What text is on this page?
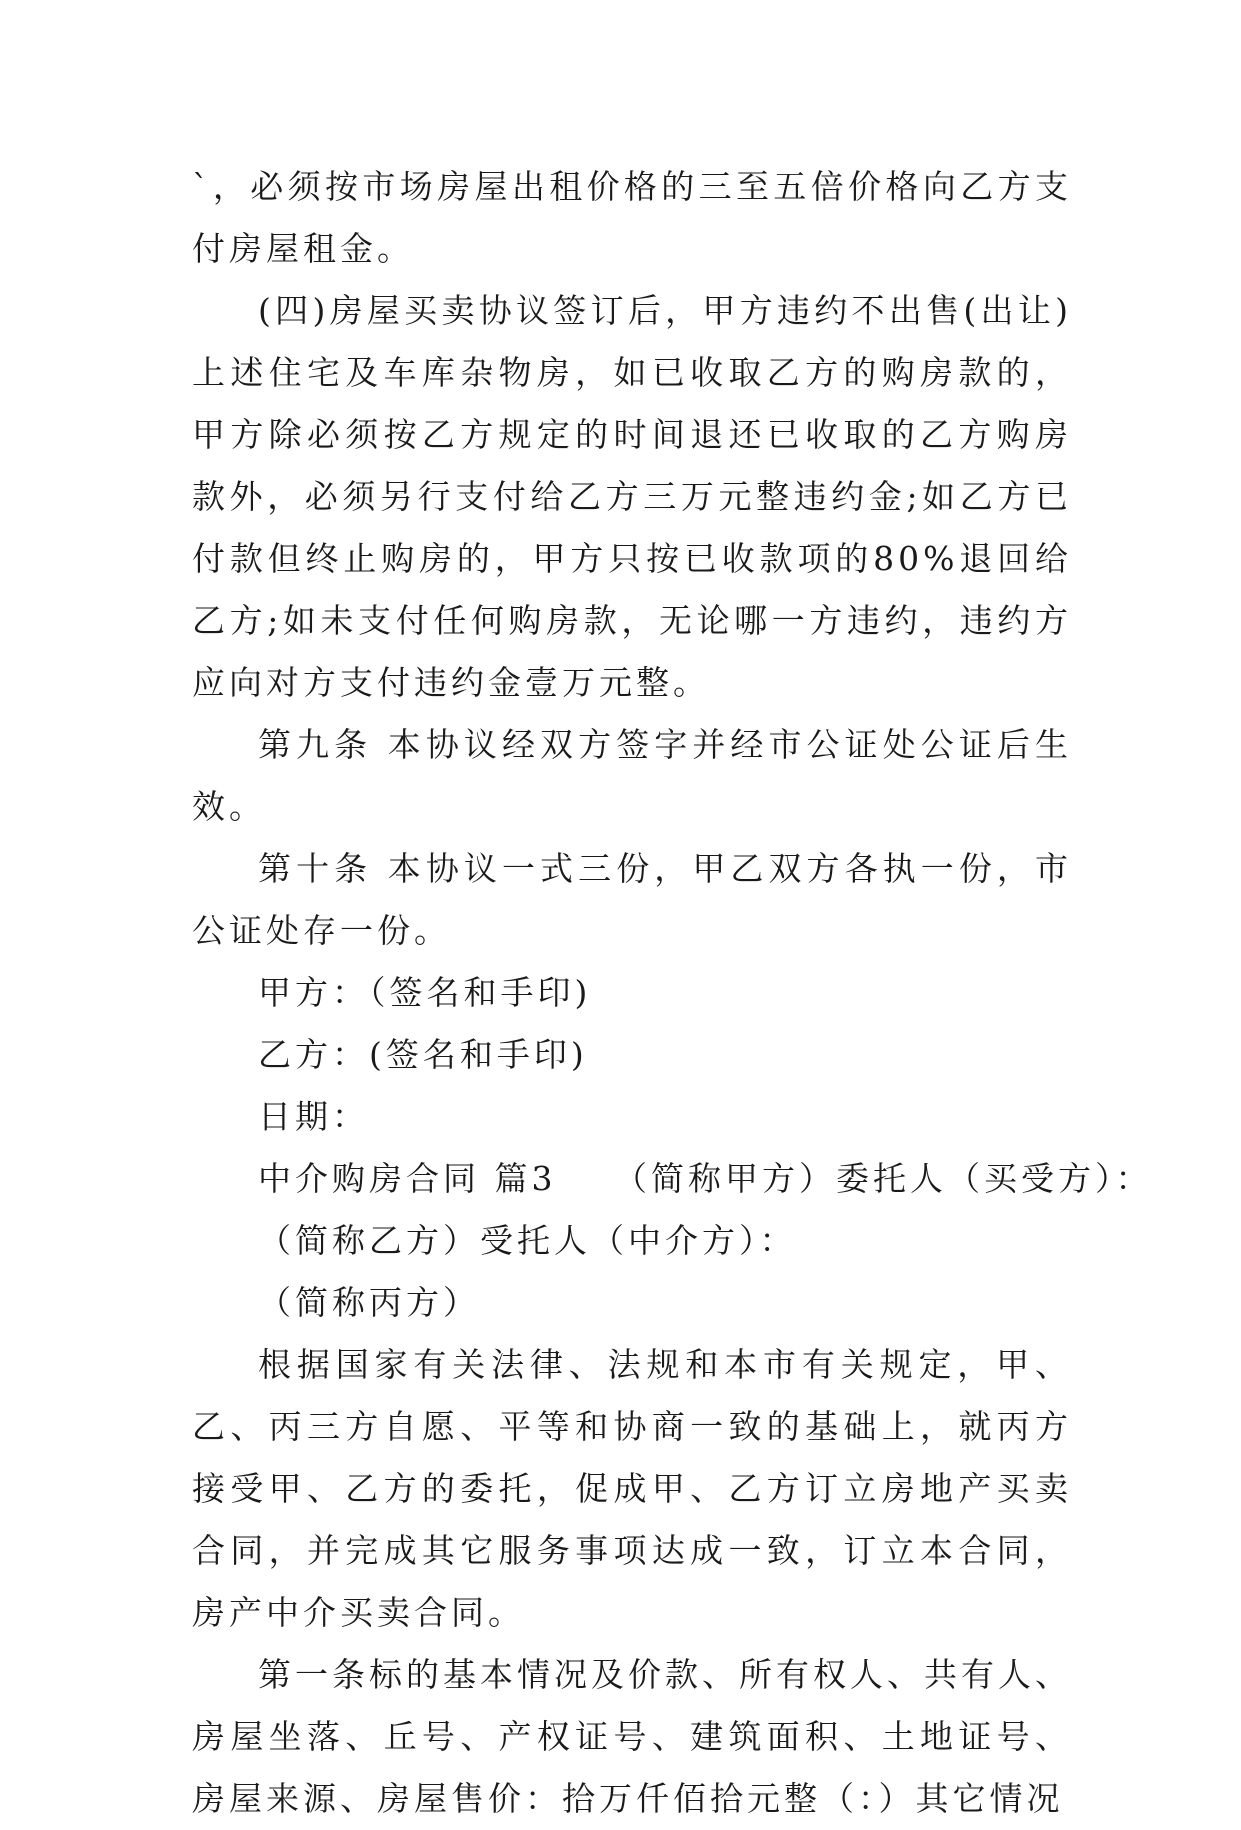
`，必须按市场房屋出租价格的三至五倍价格向乙方支付房屋租金。

(四)房屋买卖协议签订后，甲方违约不出售(出让)上述住宅及车库杂物房，如已收取乙方的购房款的，甲方除必须按乙方规定的时间退还已收取的乙方购房款外，必须另行支付给乙方三万元整违约金;如乙方已付款但终止购房的，甲方只按已收款项的80%退回给乙方;如未支付任何购房款，无论哪一方违约，违约方应向对方支付违约金壹万元整。

第九条 本协议经双方签字并经市公证处公证后生效。

第十条 本协议一式三份，甲乙双方各执一份，市公证处存一份。

甲方：（签名和手印)

乙方：(签名和手印)

日期：

中介购房合同 篇3　　（简称甲方）委托人（买受方）：

（简称乙方）受托人（中介方）：

（简称丙方）

根据国家有关法律、法规和本市有关规定，甲、乙、丙三方自愿、平等和协商一致的基础上，就丙方接受甲、乙方的委托，促成甲、乙方订立房地产买卖合同，并完成其它服务事项达成一致，订立本合同，房产中介买卖合同。

第一条标的基本情况及价款、所有权人、共有人、房屋坐落、丘号、产权证号、建筑面积、土地证号、房屋来源、房屋售价：拾万仟佰拾元整（：）其它情况
